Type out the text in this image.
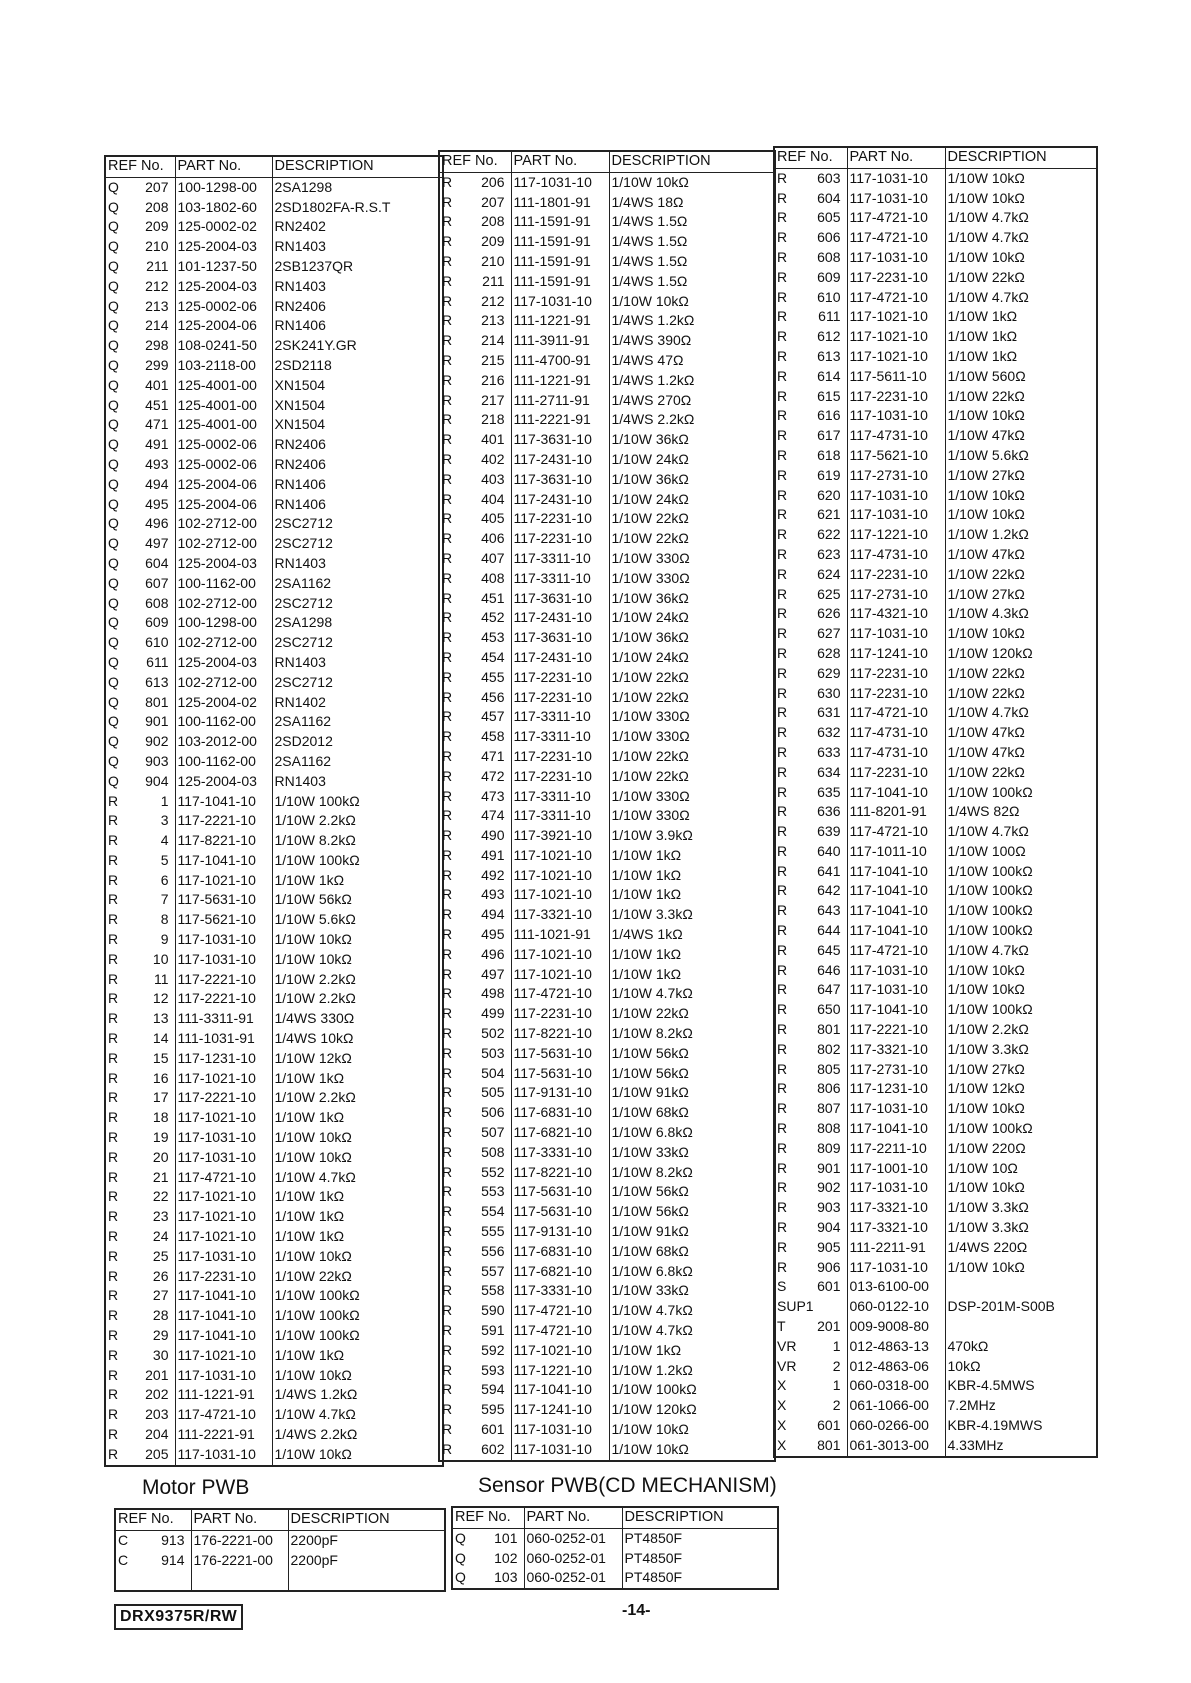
REF No.	PART No.	DESCRIPTION

Q 207	100-1298-00	2SA1298

Q 208	103-1802-60	2SD1802FA-R.S.T

Q 209	125-0002-02	RN2402

Q 210	125-2004-03	RN1403

Q 211	101-1237-50	2SB1237QR

Q 212	125-2004-03	RN1403

Q 213	125-0002-06	RN2406

Q 214	125-2004-06	RN1406

Q 298	108-0241-50	2SK241Y.GR

Q 299	103-2118-00	2SD2118

Q 401	125-4001-00	XN1504

Q 451	125-4001-00	XN1504

Q 471	125-4001-00	XN1504

Q 491	125-0002-06	RN2406

Q 493	125-0002-06	RN2406

Q 494	125-2004-06	RN1406

Q 495	125-2004-06	RN1406

Q 496	102-2712-00	2SC2712

Q 497	102-2712-00	2SC2712

Q 604	125-2004-03	RN1403

Q 607	100-1162-00	2SA1162

Q 608	102-2712-00	2SC2712

Q 609	100-1298-00	2SA1298

Q 610	102-2712-00	2SC2712

Q 611	125-2004-03	RN1403

Q 613	102-2712-00	2SC2712

Q 801	125-2004-02	RN1402

Q 901	100-1162-00	2SA1162

Q 902	103-2012-00	2SD2012

Q 903	100-1162-00	2SA1162

Q 904	125-2004-03	RN1403

R 1	117-1041-10	1/10W 100kΩ

R 3	117-2221-10	1/10W 2.2kΩ

R 4	117-8221-10	1/10W 8.2kΩ

R 5	117-1041-10	1/10W 100kΩ

R 6	117-1021-10	1/10W 1kΩ

R 7	117-5631-10	1/10W 56kΩ

R 8	117-5621-10	1/10W 5.6kΩ

R 9	117-1031-10	1/10W 10kΩ

R 10	117-1031-10	1/10W 10kΩ

R 11	117-2221-10	1/10W 2.2kΩ

R 12	117-2221-10	1/10W 2.2kΩ

R 13	111-3311-91	1/4WS 330Ω

R 14	111-1031-91	1/4WS 10kΩ

R 15	117-1231-10	1/10W 12kΩ

R 16	117-1021-10	1/10W 1kΩ

R 17	117-2221-10	1/10W 2.2kΩ

R 18	117-1021-10	1/10W 1kΩ

R 19	117-1031-10	1/10W 10kΩ

R 20	117-1031-10	1/10W 10kΩ

R 21	117-4721-10	1/10W 4.7kΩ

R 22	117-1021-10	1/10W 1kΩ

R 23	117-1021-10	1/10W 1kΩ

R 24	117-1021-10	1/10W 1kΩ

R 25	117-1031-10	1/10W 10kΩ

R 26	117-2231-10	1/10W 22kΩ

R 27	117-1041-10	1/10W 100kΩ

R 28	117-1041-10	1/10W 100kΩ

R 29	117-1041-10	1/10W 100kΩ

R 30	117-1021-10	1/10W 1kΩ

R 201	117-1031-10	1/10W 10kΩ

R 202	111-1221-91	1/4WS 1.2kΩ

R 203	117-4721-10	1/10W 4.7kΩ

R 204	111-2221-91	1/4WS 2.2kΩ

R 205	117-1031-10	1/10W 10kΩ
REF No.	PART No.	DESCRIPTION

R 206	117-1031-10	1/10W 10kΩ

R 207	111-1801-91	1/4WS 18Ω

R 208	111-1591-91	1/4WS 1.5Ω

R 209	111-1591-91	1/4WS 1.5Ω

R 210	111-1591-91	1/4WS 1.5Ω

R 211	111-1591-91	1/4WS 1.5Ω

R 212	117-1031-10	1/10W 10kΩ

R 213	111-1221-91	1/4WS 1.2kΩ

R 214	111-3911-91	1/4WS 390Ω

R 215	111-4700-91	1/4WS 47Ω

R 216	111-1221-91	1/4WS 1.2kΩ

R 217	111-2711-91	1/4WS 270Ω

R 218	111-2221-91	1/4WS 2.2kΩ

R 401	117-3631-10	1/10W 36kΩ

R 402	117-2431-10	1/10W 24kΩ

R 403	117-3631-10	1/10W 36kΩ

R 404	117-2431-10	1/10W 24kΩ

R 405	117-2231-10	1/10W 22kΩ

R 406	117-2231-10	1/10W 22kΩ

R 407	117-3311-10	1/10W 330Ω

R 408	117-3311-10	1/10W 330Ω

R 451	117-3631-10	1/10W 36kΩ

R 452	117-2431-10	1/10W 24kΩ

R 453	117-3631-10	1/10W 36kΩ

R 454	117-2431-10	1/10W 24kΩ

R 455	117-2231-10	1/10W 22kΩ

R 456	117-2231-10	1/10W 22kΩ

R 457	117-3311-10	1/10W 330Ω

R 458	117-3311-10	1/10W 330Ω

R 471	117-2231-10	1/10W 22kΩ

R 472	117-2231-10	1/10W 22kΩ

R 473	117-3311-10	1/10W 330Ω

R 474	117-3311-10	1/10W 330Ω

R 490	117-3921-10	1/10W 3.9kΩ

R 491	117-1021-10	1/10W 1kΩ

R 492	117-1021-10	1/10W 1kΩ

R 493	117-1021-10	1/10W 1kΩ

R 494	117-3321-10	1/10W 3.3kΩ

R 495	111-1021-91	1/4WS 1kΩ

R 496	117-1021-10	1/10W 1kΩ

R 497	117-1021-10	1/10W 1kΩ

R 498	117-4721-10	1/10W 4.7kΩ

R 499	117-2231-10	1/10W 22kΩ

R 502	117-8221-10	1/10W 8.2kΩ

R 503	117-5631-10	1/10W 56kΩ

R 504	117-5631-10	1/10W 56kΩ

R 505	117-9131-10	1/10W 91kΩ

R 506	117-6831-10	1/10W 68kΩ

R 507	117-6821-10	1/10W 6.8kΩ

R 508	117-3331-10	1/10W 33kΩ

R 552	117-8221-10	1/10W 8.2kΩ

R 553	117-5631-10	1/10W 56kΩ

R 554	117-5631-10	1/10W 56kΩ

R 555	117-9131-10	1/10W 91kΩ

R 556	117-6831-10	1/10W 68kΩ

R 557	117-6821-10	1/10W 6.8kΩ

R 558	117-3331-10	1/10W 33kΩ

R 590	117-4721-10	1/10W 4.7kΩ

R 591	117-4721-10	1/10W 4.7kΩ

R 592	117-1021-10	1/10W 1kΩ

R 593	117-1221-10	1/10W 1.2kΩ

R 594	117-1041-10	1/10W 100kΩ

R 595	117-1241-10	1/10W 120kΩ

R 601	117-1031-10	1/10W 10kΩ

R 602	117-1031-10	1/10W 10kΩ
REF No.	PART No.	DESCRIPTION

R 603	117-1031-10	1/10W 10kΩ

R 604	117-1031-10	1/10W 10kΩ

R 605	117-4721-10	1/10W 4.7kΩ

R 606	117-4721-10	1/10W 4.7kΩ

R 608	117-1031-10	1/10W 10kΩ

R 609	117-2231-10	1/10W 22kΩ

R 610	117-4721-10	1/10W 4.7kΩ

R 611	117-1021-10	1/10W 1kΩ

R 612	117-1021-10	1/10W 1kΩ

R 613	117-1021-10	1/10W 1kΩ

R 614	117-5611-10	1/10W 560Ω

R 615	117-2231-10	1/10W 22kΩ

R 616	117-1031-10	1/10W 10kΩ

R 617	117-4731-10	1/10W 47kΩ

R 618	117-5621-10	1/10W 5.6kΩ

R 619	117-2731-10	1/10W 27kΩ

R 620	117-1031-10	1/10W 10kΩ

R 621	117-1031-10	1/10W 10kΩ

R 622	117-1221-10	1/10W 1.2kΩ

R 623	117-4731-10	1/10W 47kΩ

R 624	117-2231-10	1/10W 22kΩ

R 625	117-2731-10	1/10W 27kΩ

R 626	117-4321-10	1/10W 4.3kΩ

R 627	117-1031-10	1/10W 10kΩ

R 628	117-1241-10	1/10W 120kΩ

R 629	117-2231-10	1/10W 22kΩ

R 630	117-2231-10	1/10W 22kΩ

R 631	117-4721-10	1/10W 4.7kΩ

R 632	117-4731-10	1/10W 47kΩ

R 633	117-4731-10	1/10W 47kΩ

R 634	117-2231-10	1/10W 22kΩ

R 635	117-1041-10	1/10W 100kΩ

R 636	111-8201-91	1/4WS 82Ω

R 639	117-4721-10	1/10W 4.7kΩ

R 640	117-1011-10	1/10W 100Ω

R 641	117-1041-10	1/10W 100kΩ

R 642	117-1041-10	1/10W 100kΩ

R 643	117-1041-10	1/10W 100kΩ

R 644	117-1041-10	1/10W 100kΩ

R 645	117-4721-10	1/10W 4.7kΩ

R 646	117-1031-10	1/10W 10kΩ

R 647	117-1031-10	1/10W 10kΩ

R 650	117-1041-10	1/10W 100kΩ

R 801	117-2221-10	1/10W 2.2kΩ

R 802	117-3321-10	1/10W 3.3kΩ

R 805	117-2731-10	1/10W 27kΩ

R 806	117-1231-10	1/10W 12kΩ

R 807	117-1031-10	1/10W 10kΩ

R 808	117-1041-10	1/10W 100kΩ

R 809	117-2211-10	1/10W 220Ω

R 901	117-1001-10	1/10W 10Ω

R 902	117-1031-10	1/10W 10kΩ

R 903	117-3321-10	1/10W 3.3kΩ

R 904	117-3321-10	1/10W 3.3kΩ

R 905	111-2211-91	1/4WS 220Ω

R 906	117-1031-10	1/10W 10kΩ

S 601	013-6100-00	

SUP1	060-0122-10	DSP-201M-S00B

T 201	009-9008-80	

VR 1	012-4863-13	470kΩ

VR 2	012-4863-06	10kΩ

X 1	060-0318-00	KBR-4.5MWS

X 2	061-1066-00	7.2MHz

X 601	060-0266-00	KBR-4.19MWS

X 801	061-3013-00	4.33MHz
Motor PWB
REF No.	PART No.	DESCRIPTION

C 913	176-2221-00	2200pF

C 914	176-2221-00	2200pF

Sensor PWB(CD MECHANISM)
REF No.	PART No.	DESCRIPTION

Q 101	060-0252-01	PT4850F

Q 102	060-0252-01	PT4850F

Q 103	060-0252-01	PT4850F
DRX9375R/RW	-14-
